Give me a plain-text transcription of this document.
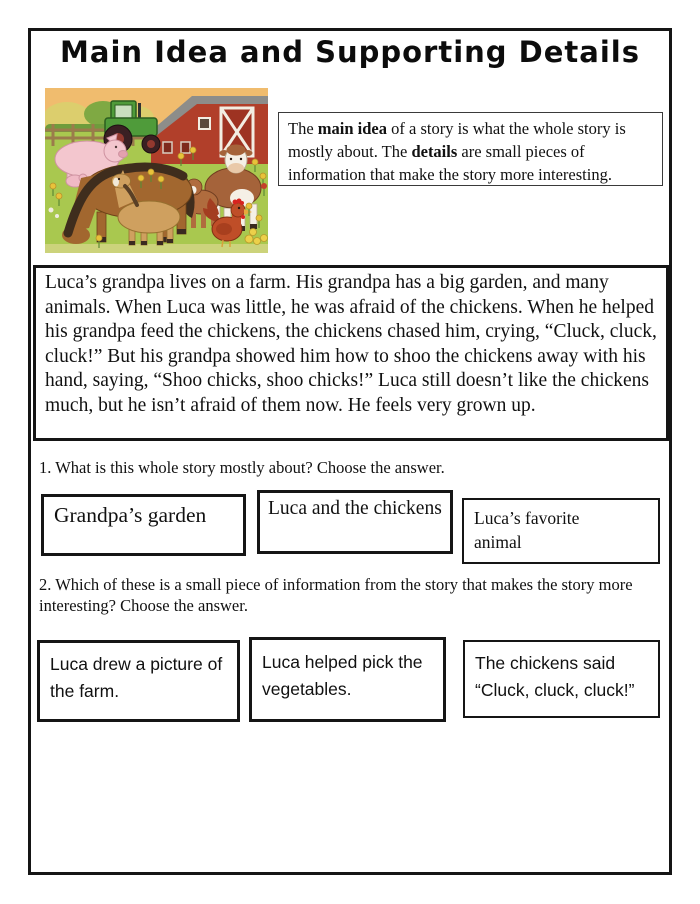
Main Idea and Supporting Details
The main idea of a story is what the whole story is mostly about. The details are small pieces of information that make the story more interesting.
Luca’s grandpa lives on a farm. His grandpa has a big garden, and many animals. When Luca was little, he was afraid of the chickens. When he helped his grandpa feed the chickens, the chickens chased him, crying, “Cluck, cluck, cluck!” But his grandpa showed him how to shoo the chickens away with his hand, saying, “Shoo chicks, shoo chicks!” Luca still doesn’t like the chickens much, but he isn’t afraid of them now. He feels very grown up.
1. What is this whole story mostly about? Choose the answer.
Grandpa’s garden	Luca and the chickens	Luca’s favorite animal
2. Which of these is a small piece of information from the story that makes the story more interesting? Choose the answer.
Luca drew a picture of the farm.
Luca helped pick the vegetables.
The chickens said “Cluck, cluck, cluck!”
